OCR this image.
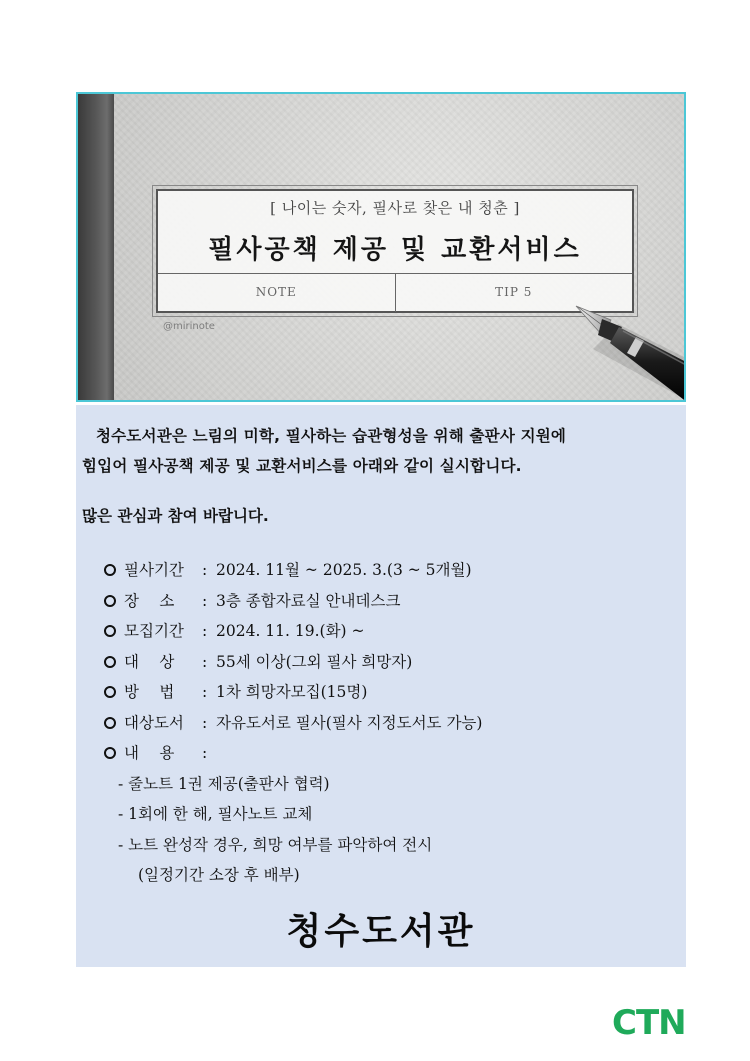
[ 나이는 숫자, 필사로 찾은 내 청춘 ]
필사공책 제공 및 교환서비스
NOTE	TIP 5
@mirinote
청수도서관은 느림의 미학, 필사하는 습관형성을 위해 출판사 지원에
힘입어 필사공책 제공 및 교환서비스를 아래와 같이 실시합니다.
많은 관심과 참여 바랍니다.
필사기간	: 2024. 11월 ~ 2025. 3.(3 ~ 5개월)
장　 소	: 3층 종합자료실 안내데스크
모집기간	: 2024. 11. 19.(화) ~
대　 상	: 55세 이상(그외 필사 희망자)
방　 법	: 1차 희망자모집(15명)
대상도서	: 자유도서로 필사(필사 지정도서도 가능)
내　 용	:
- 줄노트 1권 제공(출판사 협력)
- 1회에 한 해, 필사노트 교체
- 노트 완성작 경우, 희망 여부를 파악하여 전시
(일정기간 소장 후 배부)
청수도서관
CTN
